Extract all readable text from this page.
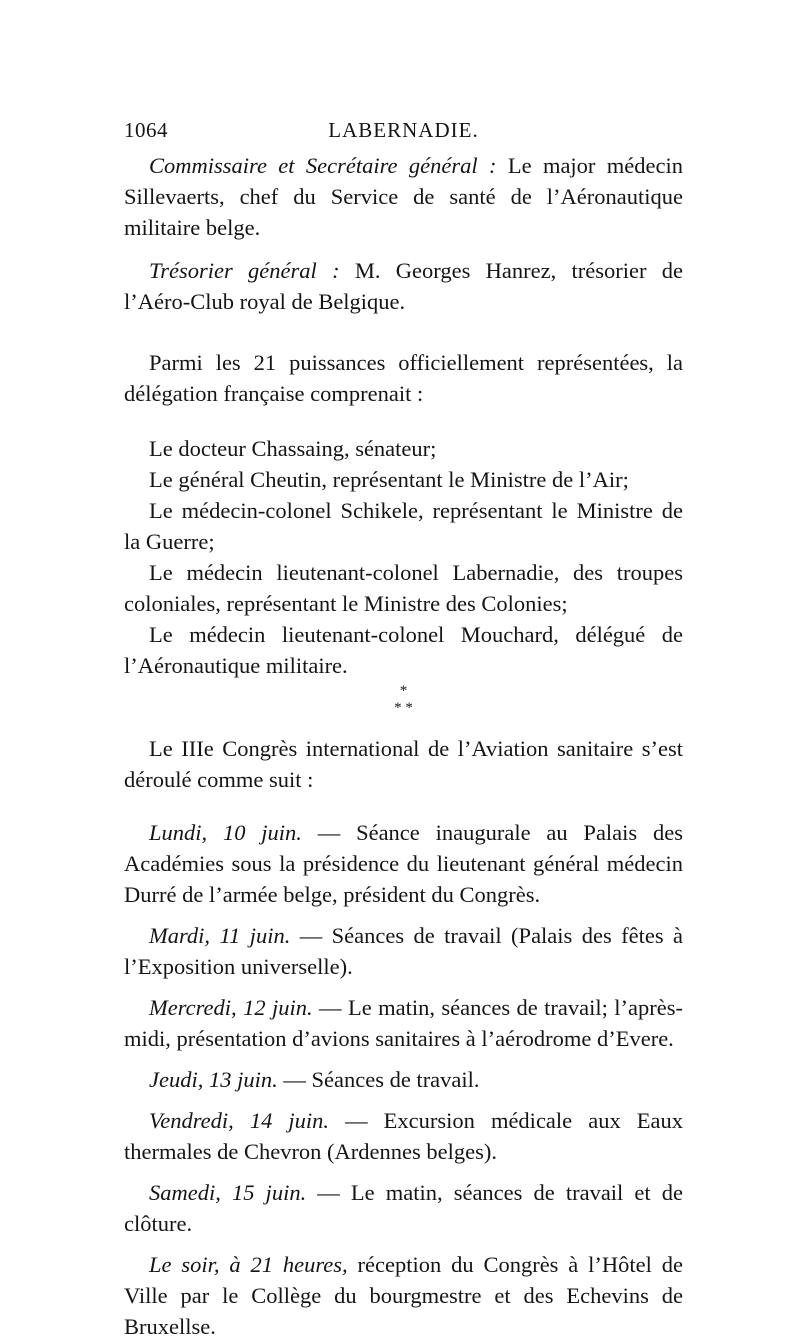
1064	LABERNADIE.

Commissaire et Secrétaire général : Le major médecin Sillevaerts, chef du Service de santé de l’Aéronautique militaire belge.

Trésorier général : M. Georges Hanrez, trésorier de l’Aéro-Club royal de Belgique.

Parmi les 21 puissances officiellement représentées, la délégation française comprenait :

Le docteur Chassaing, sénateur;

Le général Cheutin, représentant le Ministre de l’Air;

Le médecin-colonel Schikele, représentant le Ministre de la Guerre;

Le médecin lieutenant-colonel Labernadie, des troupes coloniales, représentant le Ministre des Colonies;

Le médecin lieutenant-colonel Mouchard, délégué de l’Aéronautique militaire.

*
* *

Le IIIe Congrès international de l’Aviation sanitaire s’est déroulé comme suit :

Lundi, 10 juin. — Séance inaugurale au Palais des Académies sous la présidence du lieutenant général médecin Durré de l’armée belge, président du Congrès.

Mardi, 11 juin. — Séances de travail (Palais des fêtes à l’Exposition universelle).

Mercredi, 12 juin. — Le matin, séances de travail; l’après-midi, présentation d’avions sanitaires à l’aérodrome d’Evere.

Jeudi, 13 juin. — Séances de travail.

Vendredi, 14 juin. — Excursion médicale aux Eaux thermales de Chevron (Ardennes belges).

Samedi, 15 juin. — Le matin, séances de travail et de clôture.

Le soir, à 21 heures, réception du Congrès à l’Hôtel de Ville par le Collège du bourgmestre et des Echevins de Bruxellse.
